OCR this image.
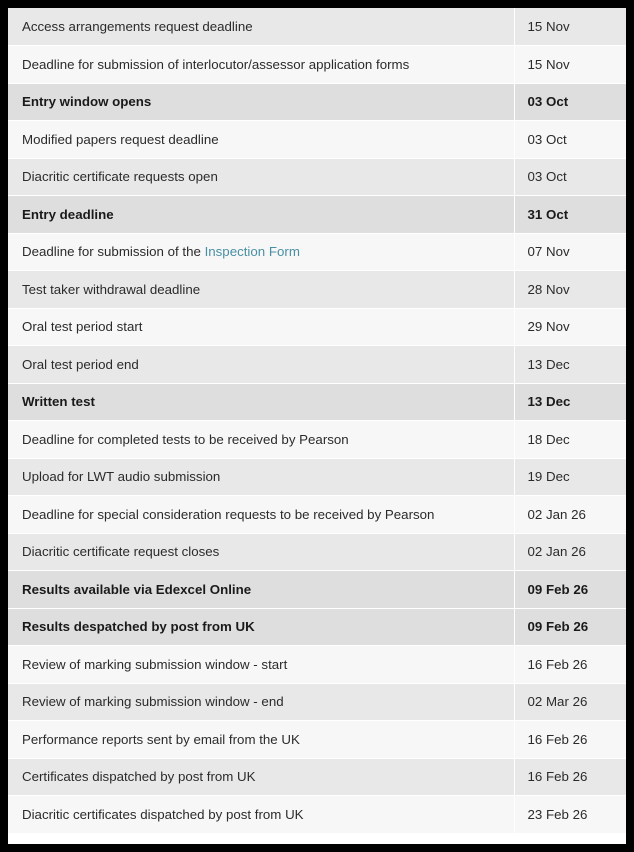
Access arrangements request deadline	15 Nov
Deadline for submission of interlocutor/assessor application forms	15 Nov
Entry window opens	03 Oct
Modified papers request deadline	03 Oct
Diacritic certificate requests open	03 Oct
Entry deadline	31 Oct
Deadline for submission of the Inspection Form	07 Nov
Test taker withdrawal deadline	28 Nov
Oral test period start	29 Nov
Oral test period end	13 Dec
Written test	13 Dec
Deadline for completed tests to be received by Pearson	18 Dec
Upload for LWT audio submission	19 Dec
Deadline for special consideration requests to be received by Pearson	02 Jan 26
Diacritic certificate request closes	02 Jan 26
Results available via Edexcel Online	09 Feb 26
Results despatched by post from UK	09 Feb 26
Review of marking submission window - start	16 Feb 26
Review of marking submission window - end	02 Mar 26
Performance reports sent by email from the UK	16 Feb 26
Certificates dispatched by post from UK	16 Feb 26
Diacritic certificates dispatched by post from UK	23 Feb 26
